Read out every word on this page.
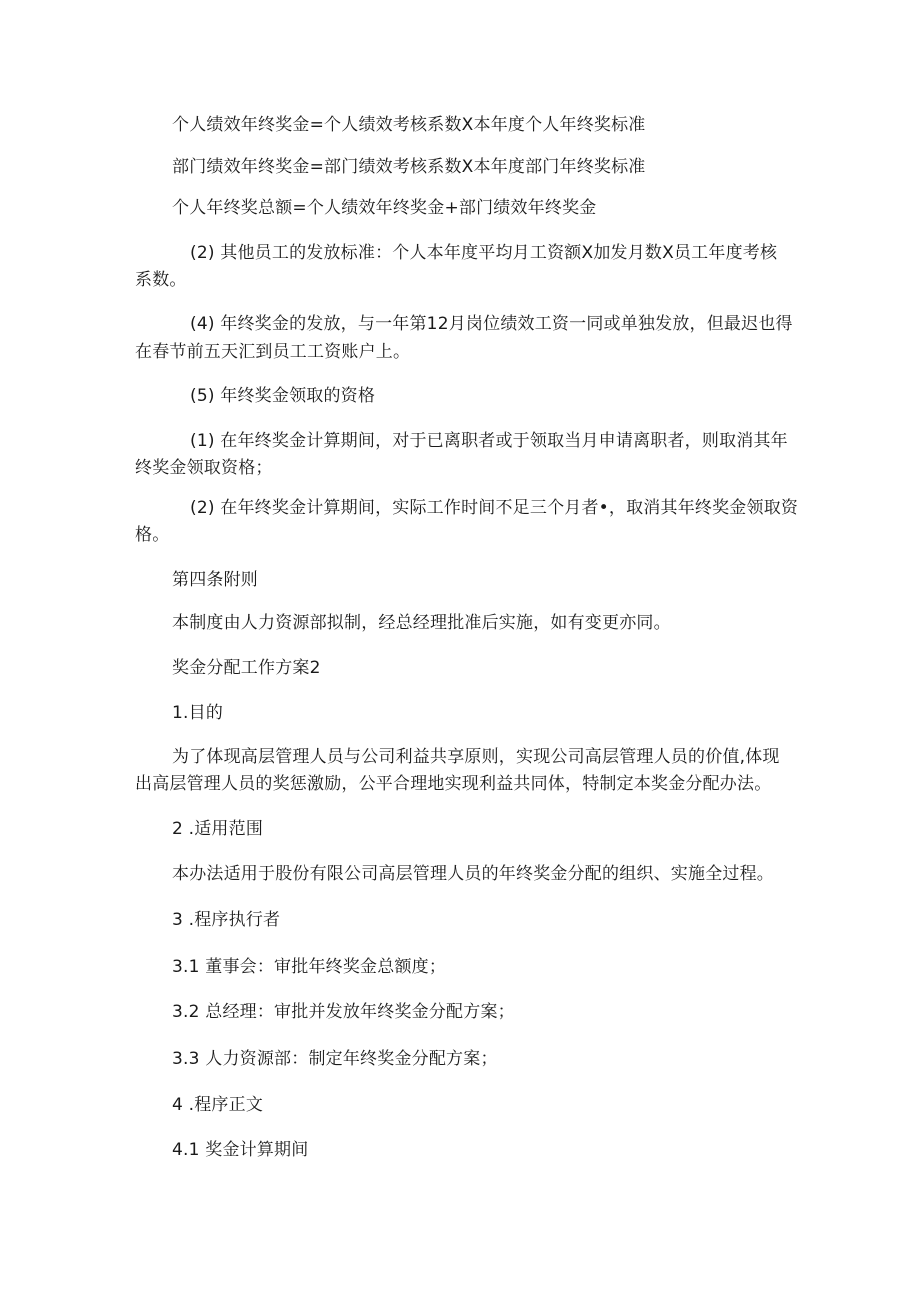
个人绩效年终奖金=个人绩效考核系数X本年度个人年终奖标准
部门绩效年终奖金=部门绩效考核系数X本年度部门年终奖标准
个人年终奖总额=个人绩效年终奖金+部门绩效年终奖金
(2) 其他员工的发放标准：个人本年度平均月工资额X加发月数X员工年度考核
系数。
(4) 年终奖金的发放，与一年第12月岗位绩效工资一同或单独发放，但最迟也得
在春节前五天汇到员工工资账户上。
(5) 年终奖金领取的资格
(1) 在年终奖金计算期间，对于已离职者或于领取当月申请离职者，则取消其年
终奖金领取资格；
(2) 在年终奖金计算期间，实际工作时间不足三个月者•，取消其年终奖金领取资
格。
第四条附则
本制度由人力资源部拟制，经总经理批准后实施，如有变更亦同。
奖金分配工作方案2
1.目的
为了体现高层管理人员与公司利益共享原则，实现公司高层管理人员的价值,体现
出高层管理人员的奖惩激励，公平合理地实现利益共同体，特制定本奖金分配办法。
2 .适用范围
本办法适用于股份有限公司高层管理人员的年终奖金分配的组织、实施全过程。
3 .程序执行者
3.1 董事会：审批年终奖金总额度；
3.2 总经理：审批并发放年终奖金分配方案；
3.3 人力资源部：制定年终奖金分配方案；
4 .程序正文
4.1 奖金计算期间
